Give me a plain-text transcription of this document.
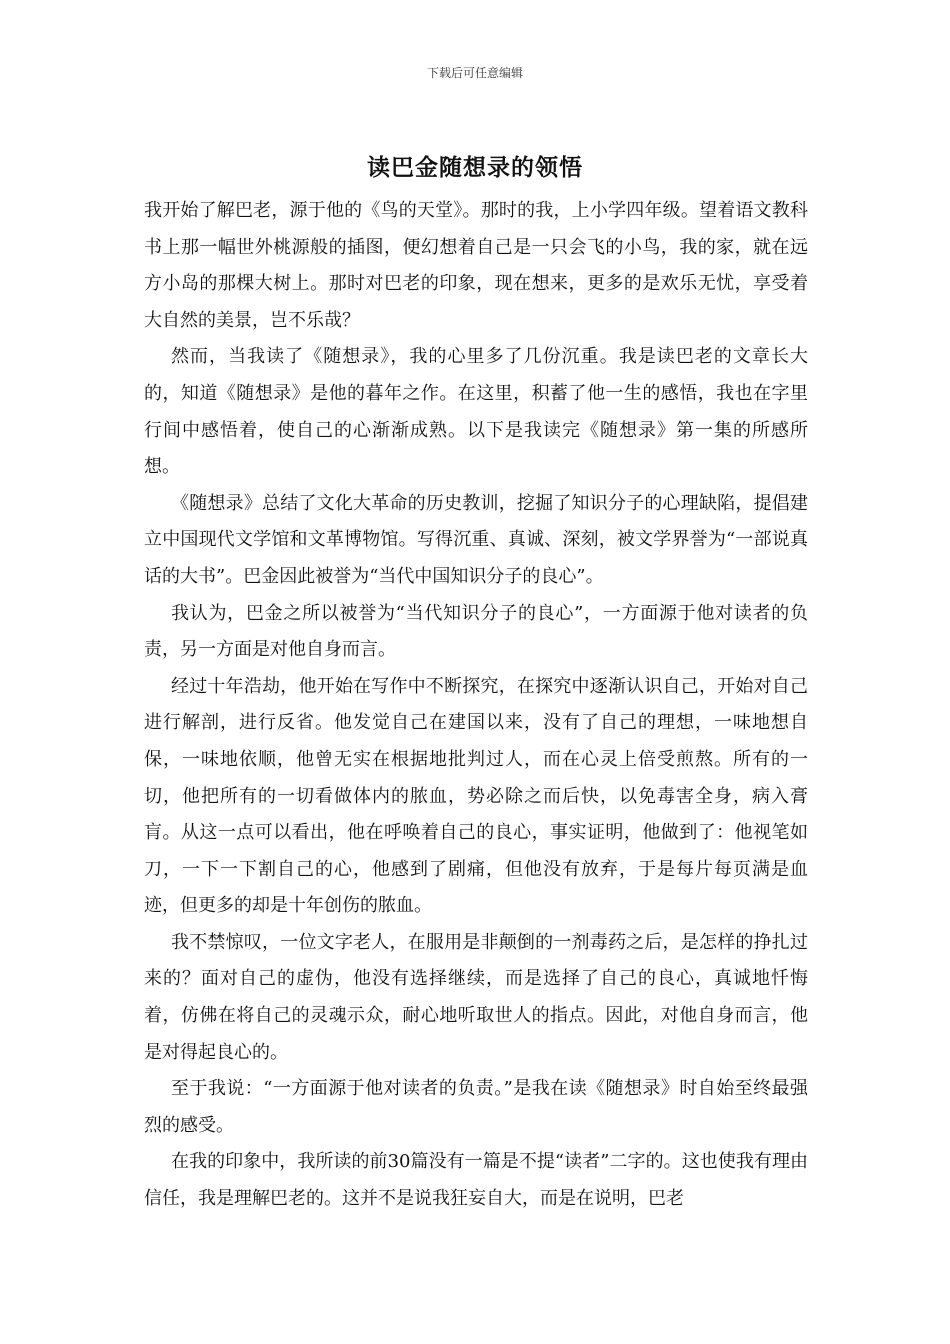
下载后可任意编辑
读巴金随想录的领悟

我开始了解巴老，源于他的《鸟的天堂》。那时的我，上小学四年级。望着语文教科书上那一幅世外桃源般的插图，便幻想着自己是一只会飞的小鸟，我的家，就在远方小岛的那棵大树上。那时对巴老的印象，现在想来，更多的是欢乐无忧，享受着大自然的美景，岂不乐哉？

然而，当我读了《随想录》，我的心里多了几份沉重。我是读巴老的文章长大的，知道《随想录》是他的暮年之作。在这里，积蓄了他一生的感悟，我也在字里行间中感悟着，使自己的心渐渐成熟。以下是我读完《随想录》第一集的所感所想。

《随想录》总结了文化大革命的历史教训，挖掘了知识分子的心理缺陷，提倡建立中国现代文学馆和文革博物馆。写得沉重、真诚、深刻，被文学界誉为“一部说真话的大书”。巴金因此被誉为“当代中国知识分子的良心”。

我认为，巴金之所以被誉为“当代知识分子的良心”，一方面源于他对读者的负责，另一方面是对他自身而言。

经过十年浩劫，他开始在写作中不断探究，在探究中逐渐认识自己，开始对自己进行解剖，进行反省。他发觉自己在建国以来，没有了自己的理想，一味地想自保，一味地依顺，他曾无实在根据地批判过人，而在心灵上倍受煎熬。所有的一切，他把所有的一切看做体内的脓血，势必除之而后快，以免毒害全身，病入膏肓。从这一点可以看出，他在呼唤着自己的良心，事实证明，他做到了：他视笔如刀，一下一下割自己的心，他感到了剧痛，但他没有放弃，于是每片每页满是血迹，但更多的却是十年创伤的脓血。

我不禁惊叹，一位文字老人，在服用是非颠倒的一剂毒药之后，是怎样的挣扎过来的？面对自己的虚伪，他没有选择继续，而是选择了自己的良心，真诚地忏悔着，仿佛在将自己的灵魂示众，耐心地听取世人的指点。因此，对他自身而言，他是对得起良心的。

至于我说：“一方面源于他对读者的负责。”是我在读《随想录》时自始至终最强烈的感受。

在我的印象中，我所读的前30篇没有一篇是不提“读者”二字的。这也使我有理由信任，我是理解巴老的。这并不是说我狂妄自大，而是在说明，巴老
